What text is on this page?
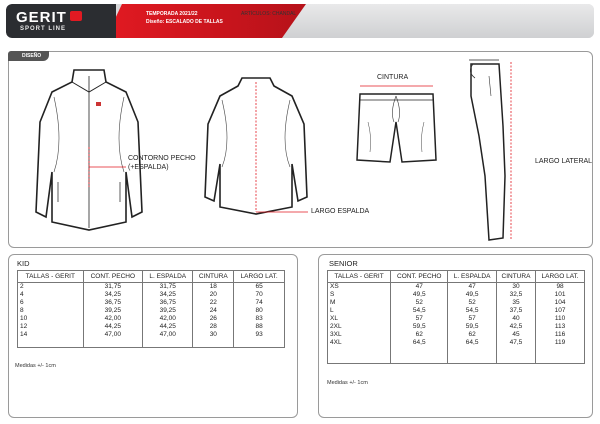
GERIT
SPORT LINE
TEMPORADA 2021/22
Diseño: ESCALADO DE TALLAS
ARTÍCULOS: CHANDAL
DISEÑO
CONTORNO PECHO
(+ESPALDA)
LARGO ESPALDA
CINTURA
LARGO LATERAL
KID
TALLAS - GERIT	CONT. PECHO	L. ESPALDA	CINTURA	LARGO LAT.
2	31,75	31,75	18	65
4	34,25	34,25	20	70
6	36,75	36,75	22	74
8	39,25	39,25	24	80
10	42,00	42,00	26	83
12	44,25	44,25	28	88
14	47,00	47,00	30	93

Medidas +/- 1cm
SENIOR
TALLAS - GERIT	CONT. PECHO	L. ESPALDA	CINTURA	LARGO LAT.
XS	47	47	30	98
S	49,5	49,5	32,5	101
M	52	52	35	104
L	54,5	54,5	37,5	107
XL	57	57	40	110
2XL	59,5	59,5	42,5	113
3XL	62	62	45	116
4XL	64,5	64,5	47,5	119

Medidas +/- 1cm
